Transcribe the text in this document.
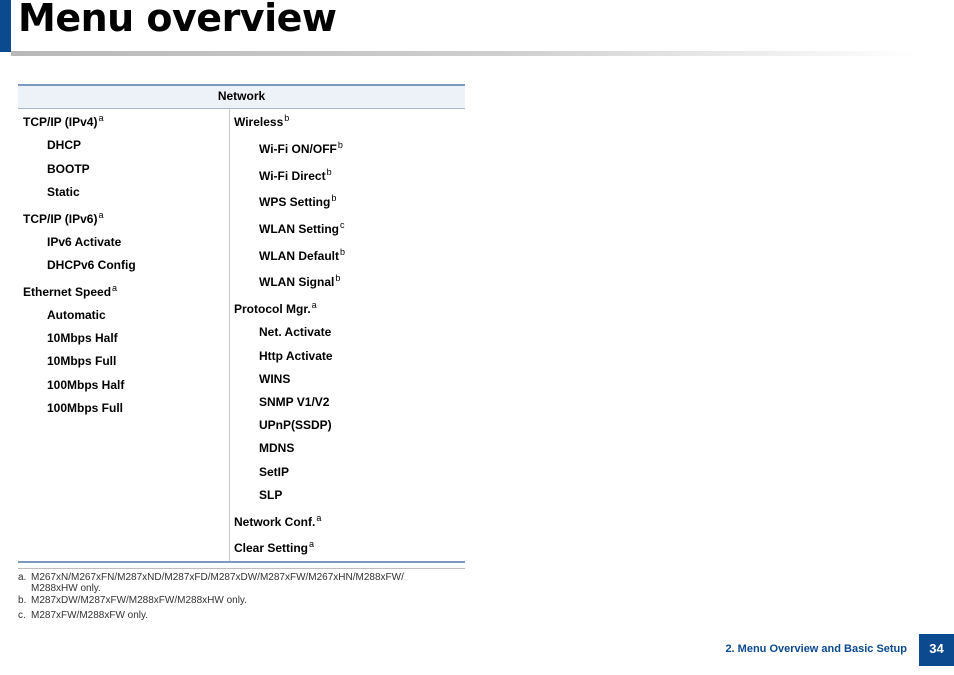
Menu overview
Network
TCP/IP $(IPv4)^a$
DHCP
BOOTP
Static
TCP/IP $(IPv6)^a$
IPv6 Activate
DHCPv6 Config
Ethernet Speed$^a$
Automatic
10Mbps Half
10Mbps Full
100Mbps Half
100Mbps Full
Wireless$^b$
Wi-Fi ON/OFF$^b$
Wi-Fi Direct$^b$
WPS Setting$^b$
WLAN Setting$^c$
WLAN Default$^b$
WLAN Signal$^b$
Protocol Mgr.$^a$
Net. Activate
Http Activate
WINS
SNMP V1/V2
UPnP(SSDP)
MDNS
SetIP
SLP
Network Conf.$^a$
Clear Setting$^a$
a. M267xN/M267xFN/M287xND/M287xFD/M287xDW/M287xFW/M267xHN/M288xFW/
M288xHW only.
b. M287xDW/M287xFW/M288xFW/M288xHW only.
c. M287xFW/M288xFW only.
2. Menu Overview and Basic Setup	34
